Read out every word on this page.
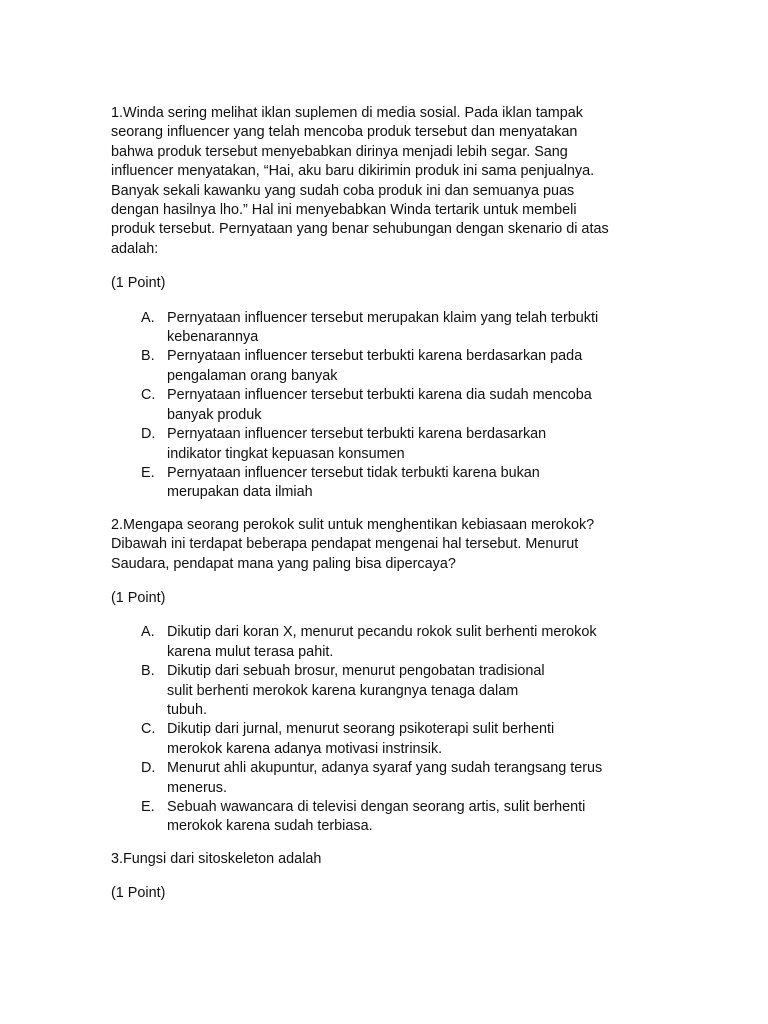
1.Winda sering melihat iklan suplemen di media sosial. Pada iklan tampak
seorang influencer yang telah mencoba produk tersebut dan menyatakan
bahwa produk tersebut menyebabkan dirinya menjadi lebih segar. Sang
influencer menyatakan, “Hai, aku baru dikirimin produk ini sama penjualnya.
Banyak sekali kawanku yang sudah coba produk ini dan semuanya puas
dengan hasilnya lho.” Hal ini menyebabkan Winda tertarik untuk membeli
produk tersebut. Pernyataan yang benar sehubungan dengan skenario di atas
adalah:

(1 Point)

A. Pernyataan influencer tersebut merupakan klaim yang telah terbukti
kebenarannya
B. Pernyataan influencer tersebut terbukti karena berdasarkan pada
pengalaman orang banyak
C. Pernyataan influencer tersebut terbukti karena dia sudah mencoba
banyak produk
D. Pernyataan influencer tersebut terbukti karena berdasarkan
indikator tingkat kepuasan konsumen
E. Pernyataan influencer tersebut tidak terbukti karena bukan
merupakan data ilmiah

2.Mengapa seorang perokok sulit untuk menghentikan kebiasaan merokok?
Dibawah ini terdapat beberapa pendapat mengenai hal tersebut. Menurut
Saudara, pendapat mana yang paling bisa dipercaya?

(1 Point)

A. Dikutip dari koran X, menurut pecandu rokok sulit berhenti merokok
karena mulut terasa pahit.
B. Dikutip dari sebuah brosur, menurut pengobatan tradisional
sulit berhenti merokok karena kurangnya tenaga dalam
tubuh.
C. Dikutip dari jurnal, menurut seorang psikoterapi sulit berhenti
merokok karena adanya motivasi instrinsik.
D. Menurut ahli akupuntur, adanya syaraf yang sudah terangsang terus
menerus.
E. Sebuah wawancara di televisi dengan seorang artis, sulit berhenti
merokok karena sudah terbiasa.

3.Fungsi dari sitoskeleton adalah

(1 Point)
